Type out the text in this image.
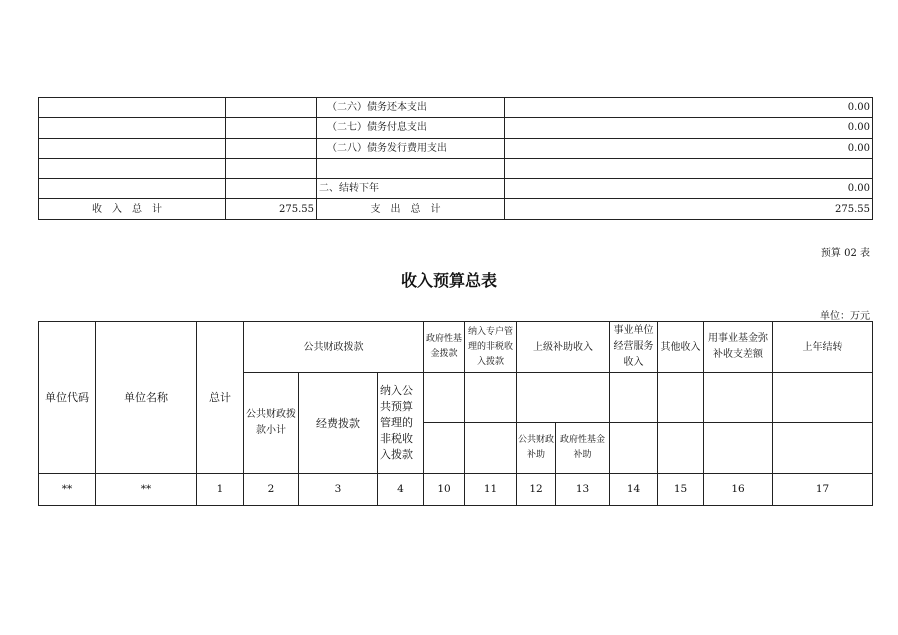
		（二六）债务还本支出	0.00
		（二七）债务付息支出	0.00
		（二八）债务发行费用支出	0.00

		二、结转下年	0.00
收入总计	275.55	支出总计	275.55
预算 02 表
收入预算总表
单位：万元
单位代码	单位名称	总计	公共财政拨款			政府性基金拨款	纳入专户管理的非税收入拨款	上级补助收入		事业单位经营服务收入	其他收入	用事业基金弥补收支差额	上年结转
			公共财政拨款小计	经费拨款	纳入公共预算管理的非税收入拨款								
								公共财政补助	政府性基金补助				
**	**	1	2	3	4	10	11	12	13	14	15	16	17
